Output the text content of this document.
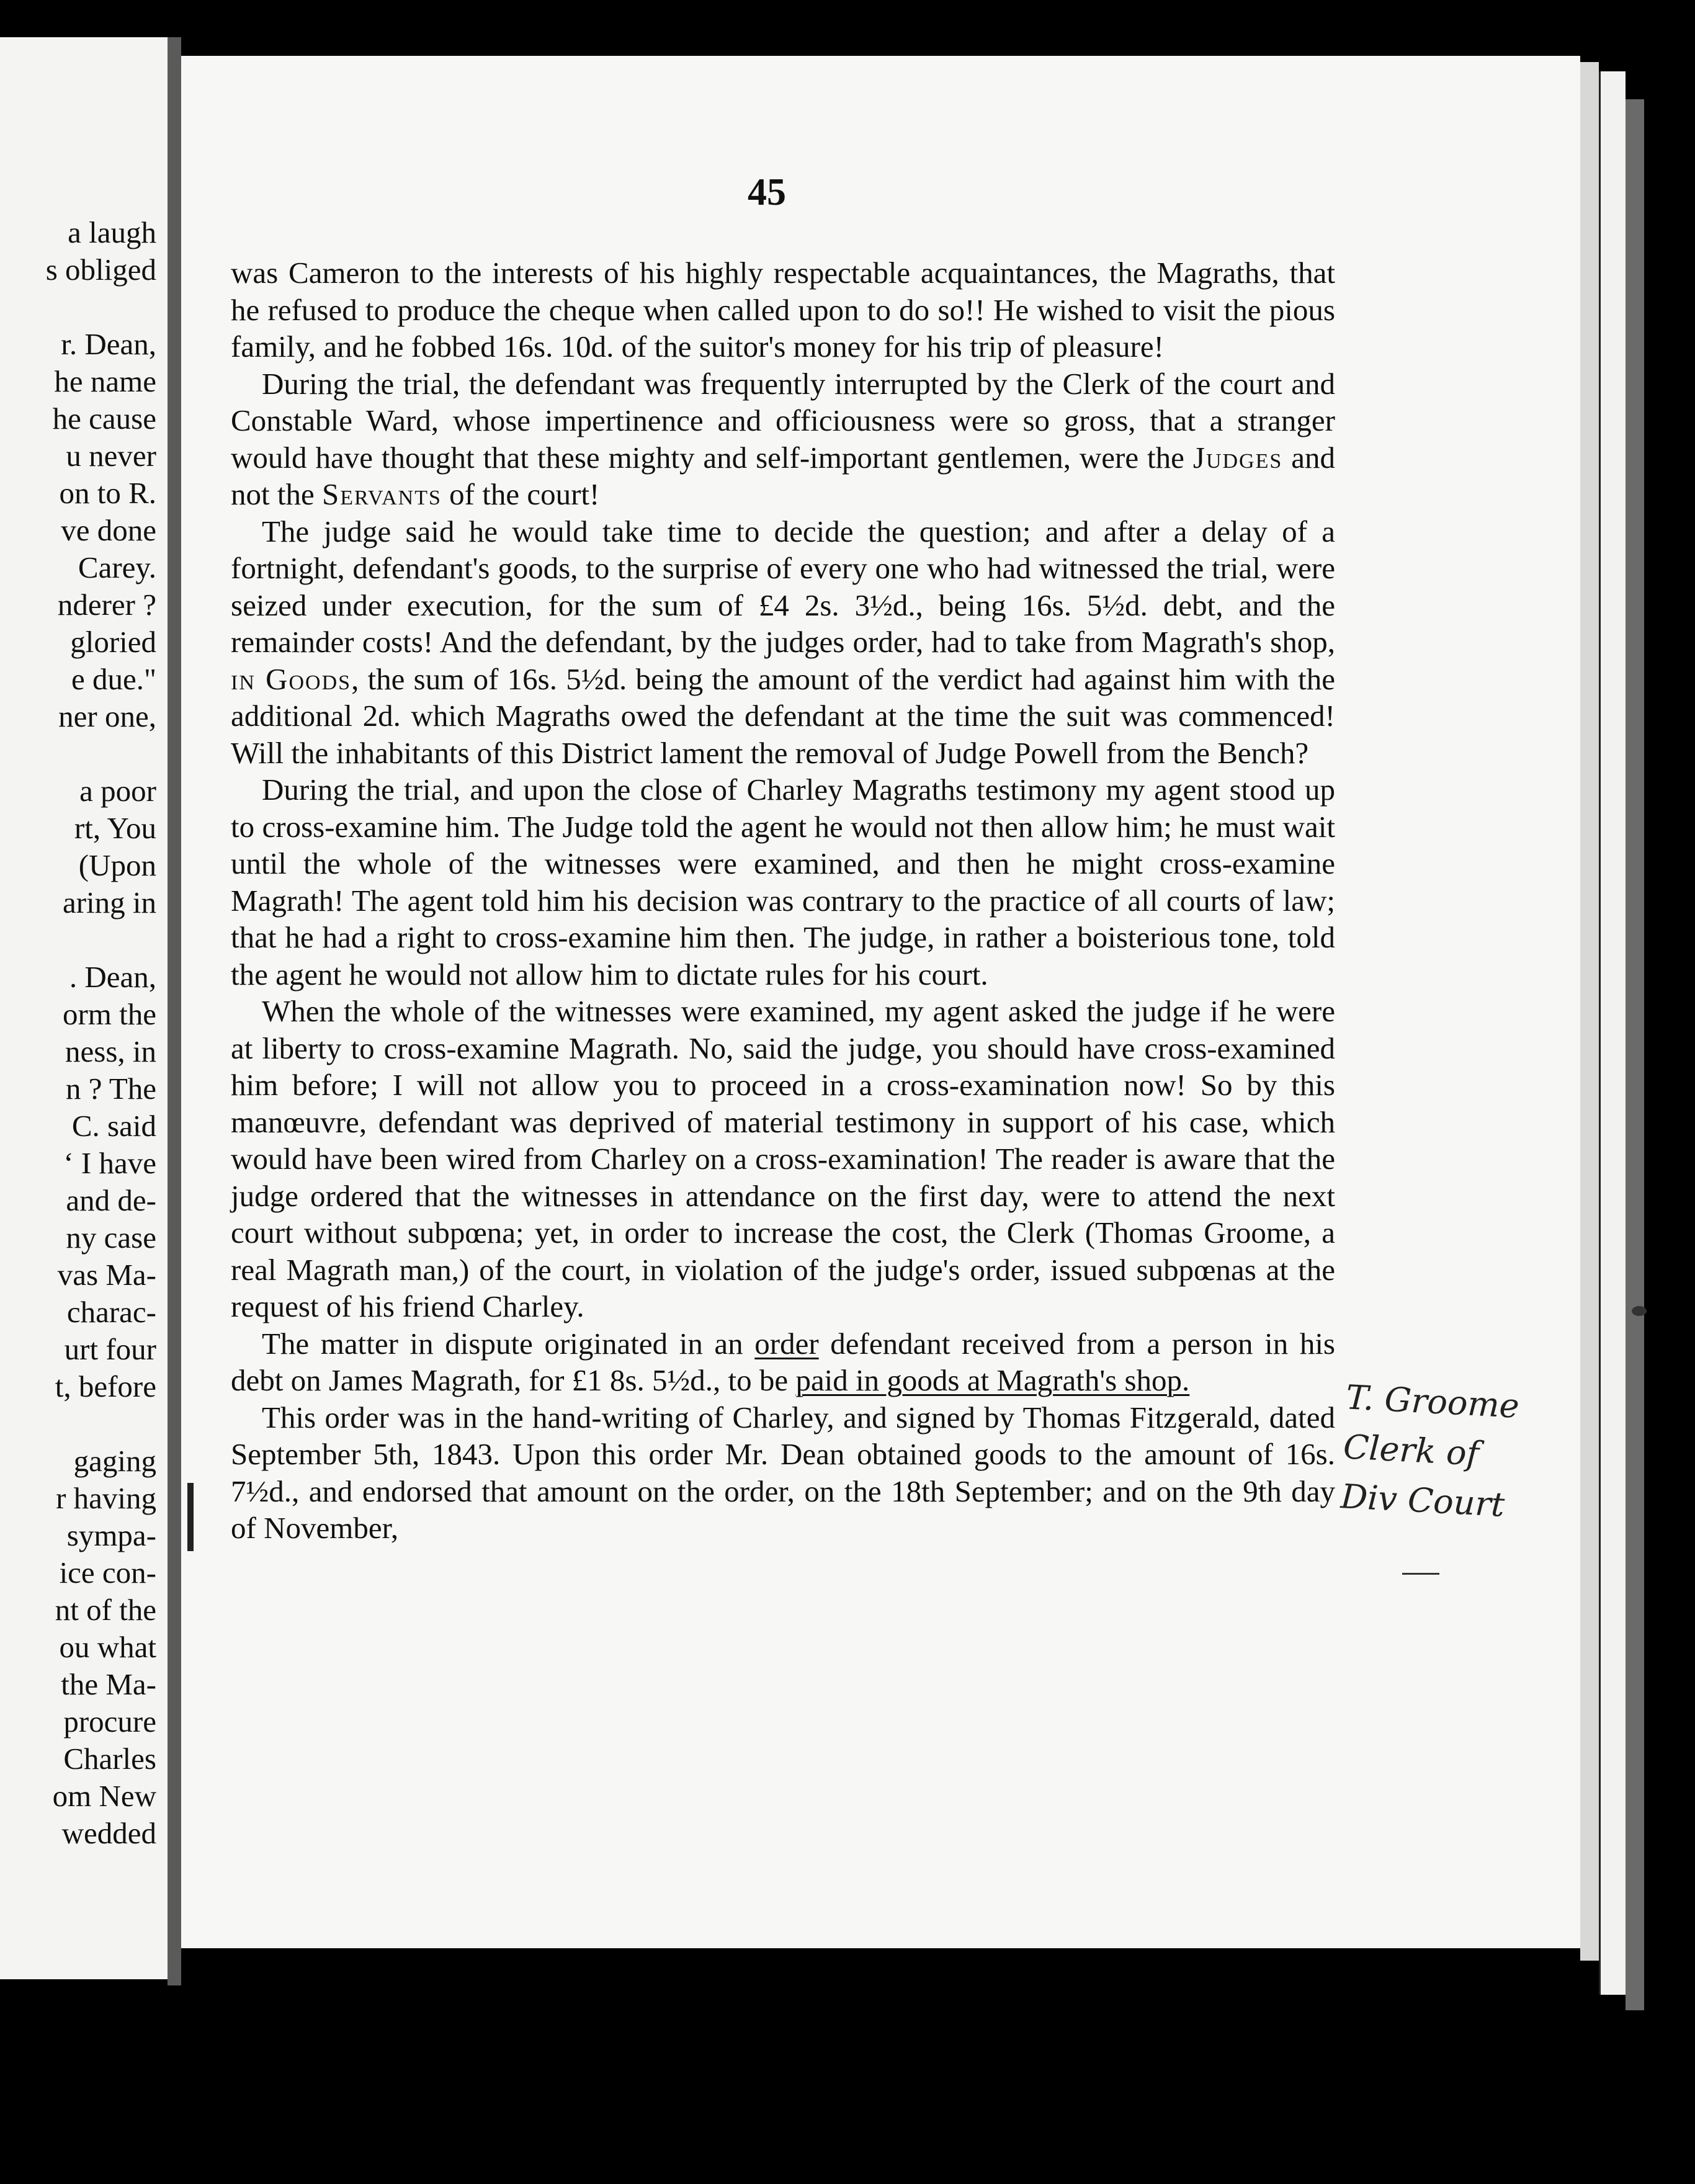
a laugh
s obliged
r. Dean,
he name
he cause
u never
on to R.
ve done
Carey.
nderer ?
gloried
e due."
ner one,
a poor
rt, You
(Upon
aring in
. Dean,
orm the
ness, in
n ? The
C. said
‘ I have
and de-
ny case
vas Ma-
charac-
urt four
t, before
gaging
r having
sympa-
ice con-
nt of the
ou what
the Ma-
procure
Charles
om New
wedded
45

was Cameron to the interests of his highly respectable acquaintances, the Magraths, that he refused to produce the cheque when called upon to do so!! He wished to visit the pious family, and he fobbed 16s. 10d. of the suitor's money for his trip of pleasure!

During the trial, the defendant was frequently interrupted by the Clerk of the court and Constable Ward, whose impertinence and officiousness were so gross, that a stranger would have thought that these mighty and self-important gentlemen, were the Judges and not the Servants of the court!

The judge said he would take time to decide the question; and after a delay of a fortnight, defendant's goods, to the surprise of every one who had witnessed the trial, were seized under execution, for the sum of £4 2s. 3½d., being 16s. 5½d. debt, and the remainder costs! And the defendant, by the judges order, had to take from Magrath's shop, in Goods, the sum of 16s. 5½d. being the amount of the verdict had against him with the additional 2d. which Magraths owed the defendant at the time the suit was commenced! Will the inhabitants of this District lament the removal of Judge Powell from the Bench?

During the trial, and upon the close of Charley Magraths testimony my agent stood up to cross-examine him. The Judge told the agent he would not then allow him; he must wait until the whole of the witnesses were examined, and then he might cross-examine Magrath! The agent told him his decision was contrary to the practice of all courts of law; that he had a right to cross-examine him then. The judge, in rather a boisterious tone, told the agent he would not allow him to dictate rules for his court.

When the whole of the witnesses were examined, my agent asked the judge if he were at liberty to cross-examine Magrath. No, said the judge, you should have cross-examined him before; I will not allow you to proceed in a cross-examination now! So by this manœuvre, defendant was deprived of material testimony in support of his case, which would have been wired from Charley on a cross-examination! The reader is aware that the judge ordered that the witnesses in attendance on the first day, were to attend the next court without subpœna; yet, in order to increase the cost, the Clerk (Thomas Groome, a real Magrath man,) of the court, in violation of the judge's order, issued subpœnas at the request of his friend Charley.

The matter in dispute originated in an order defendant received from a person in his debt on James Magrath, for £1 8s. 5½d., to be paid in goods at Magrath's shop.

This order was in the hand-writing of Charley, and signed by Thomas Fitzgerald, dated September 5th, 1843. Upon this order Mr. Dean obtained goods to the amount of 16s. 7½d., and endorsed that amount on the order, on the 18th September; and on the 9th day of November,

T. Groome
Clerk of
Div Court
